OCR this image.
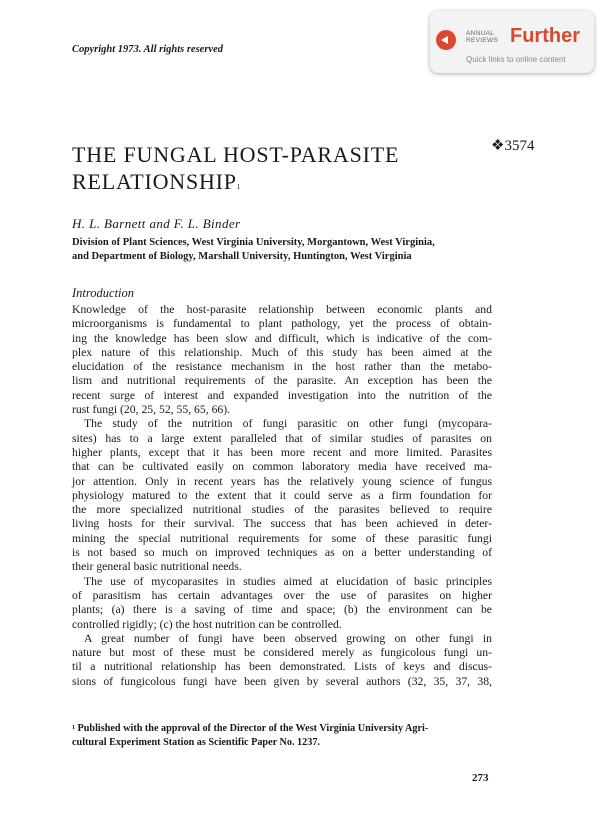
Copyright 1973. All rights reserved
ANNUAL
REVIEWS Further
Quick links to online content
THE FUNGAL HOST-PARASITE
RELATIONSHIP$^1$
❖3574
H. L. Barnett and F. L. Binder
Division of Plant Sciences, West Virginia University, Morgantown, West Virginia,
and Department of Biology, Marshall University, Huntington, West Virginia
Introduction
Knowledge of the host-parasite relationship between economic plants and
microorganisms is fundamental to plant pathology, yet the process of obtain-
ing the knowledge has been slow and difficult, which is indicative of the com-
plex nature of this relationship. Much of this study has been aimed at the
elucidation of the resistance mechanism in the host rather than the metabo-
lism and nutritional requirements of the parasite. An exception has been the
recent surge of interest and expanded investigation into the nutrition of the
rust fungi (20, 25, 52, 55, 65, 66).
The study of the nutrition of fungi parasitic on other fungi (mycopara-
sites) has to a large extent paralleled that of similar studies of parasites on
higher plants, except that it has been more recent and more limited. Parasites
that can be cultivated easily on common laboratory media have received ma-
jor attention. Only in recent years has the relatively young science of fungus
physiology matured to the extent that it could serve as a firm foundation for
the more specialized nutritional studies of the parasites believed to require
living hosts for their survival. The success that has been achieved in deter-
mining the special nutritional requirements for some of these parasitic fungi
is not based so much on improved techniques as on a better understanding of
their general basic nutritional needs.
The use of mycoparasites in studies aimed at elucidation of basic principles
of parasitism has certain advantages over the use of parasites on higher
plants; (a) there is a saving of time and space; (b) the environment can be
controlled rigidly; (c) the host nutrition can be controlled.
A great number of fungi have been observed growing on other fungi in
nature but most of these must be considered merely as fungicolous fungi un-
til a nutritional relationship has been demonstrated. Lists of keys and discus-
sions of fungicolous fungi have been given by several authors (32, 35, 37, 38,
$^1$ Published with the approval of the Director of the West Virginia University Agri-
cultural Experiment Station as Scientific Paper No. 1237.
273
